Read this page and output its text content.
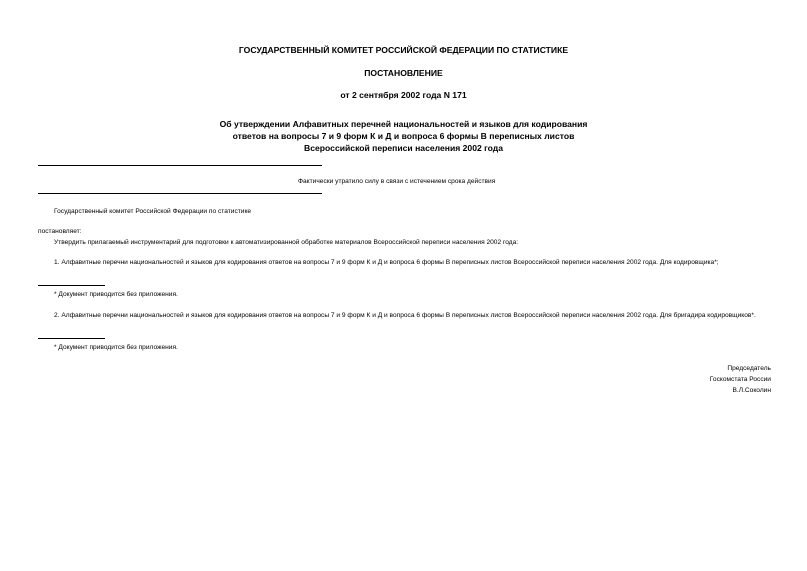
ГОСУДАРСТВЕННЫЙ КОМИТЕТ РОССИЙСКОЙ ФЕДЕРАЦИИ ПО СТАТИСТИКЕ
ПОСТАНОВЛЕНИЕ
от 2 сентября 2002 года N 171
Об утверждении Алфавитных перечней национальностей и языков для кодирования
ответов на вопросы 7 и 9 форм К и Д и вопроса 6 формы В переписных листов
Всероссийской переписи населения 2002 года
Фактически утратило силу в связи с истечением срока действия
Государственный комитет Российской Федерации по статистике
постановляет:
Утвердить прилагаемый инструментарий для подготовки к автоматизированной обработке материалов Всероссийской переписи населения 2002 года:
1. Алфавитные перечни национальностей и языков для кодирования ответов на вопросы 7 и 9 форм К и Д и вопроса 6 формы В переписных листов Всероссийской переписи населения 2002 года. Для кодировщика*;
* Документ приводится без приложения.
2. Алфавитные перечни национальностей и языков для кодирования ответов на вопросы 7 и 9 форм К и Д и вопроса 6 формы В переписных листов Всероссийской переписи населения 2002 года. Для бригадира кодировщиков*.
* Документ приводится без приложения.
Председатель
Госкомстата России
В.Л.Соколин
